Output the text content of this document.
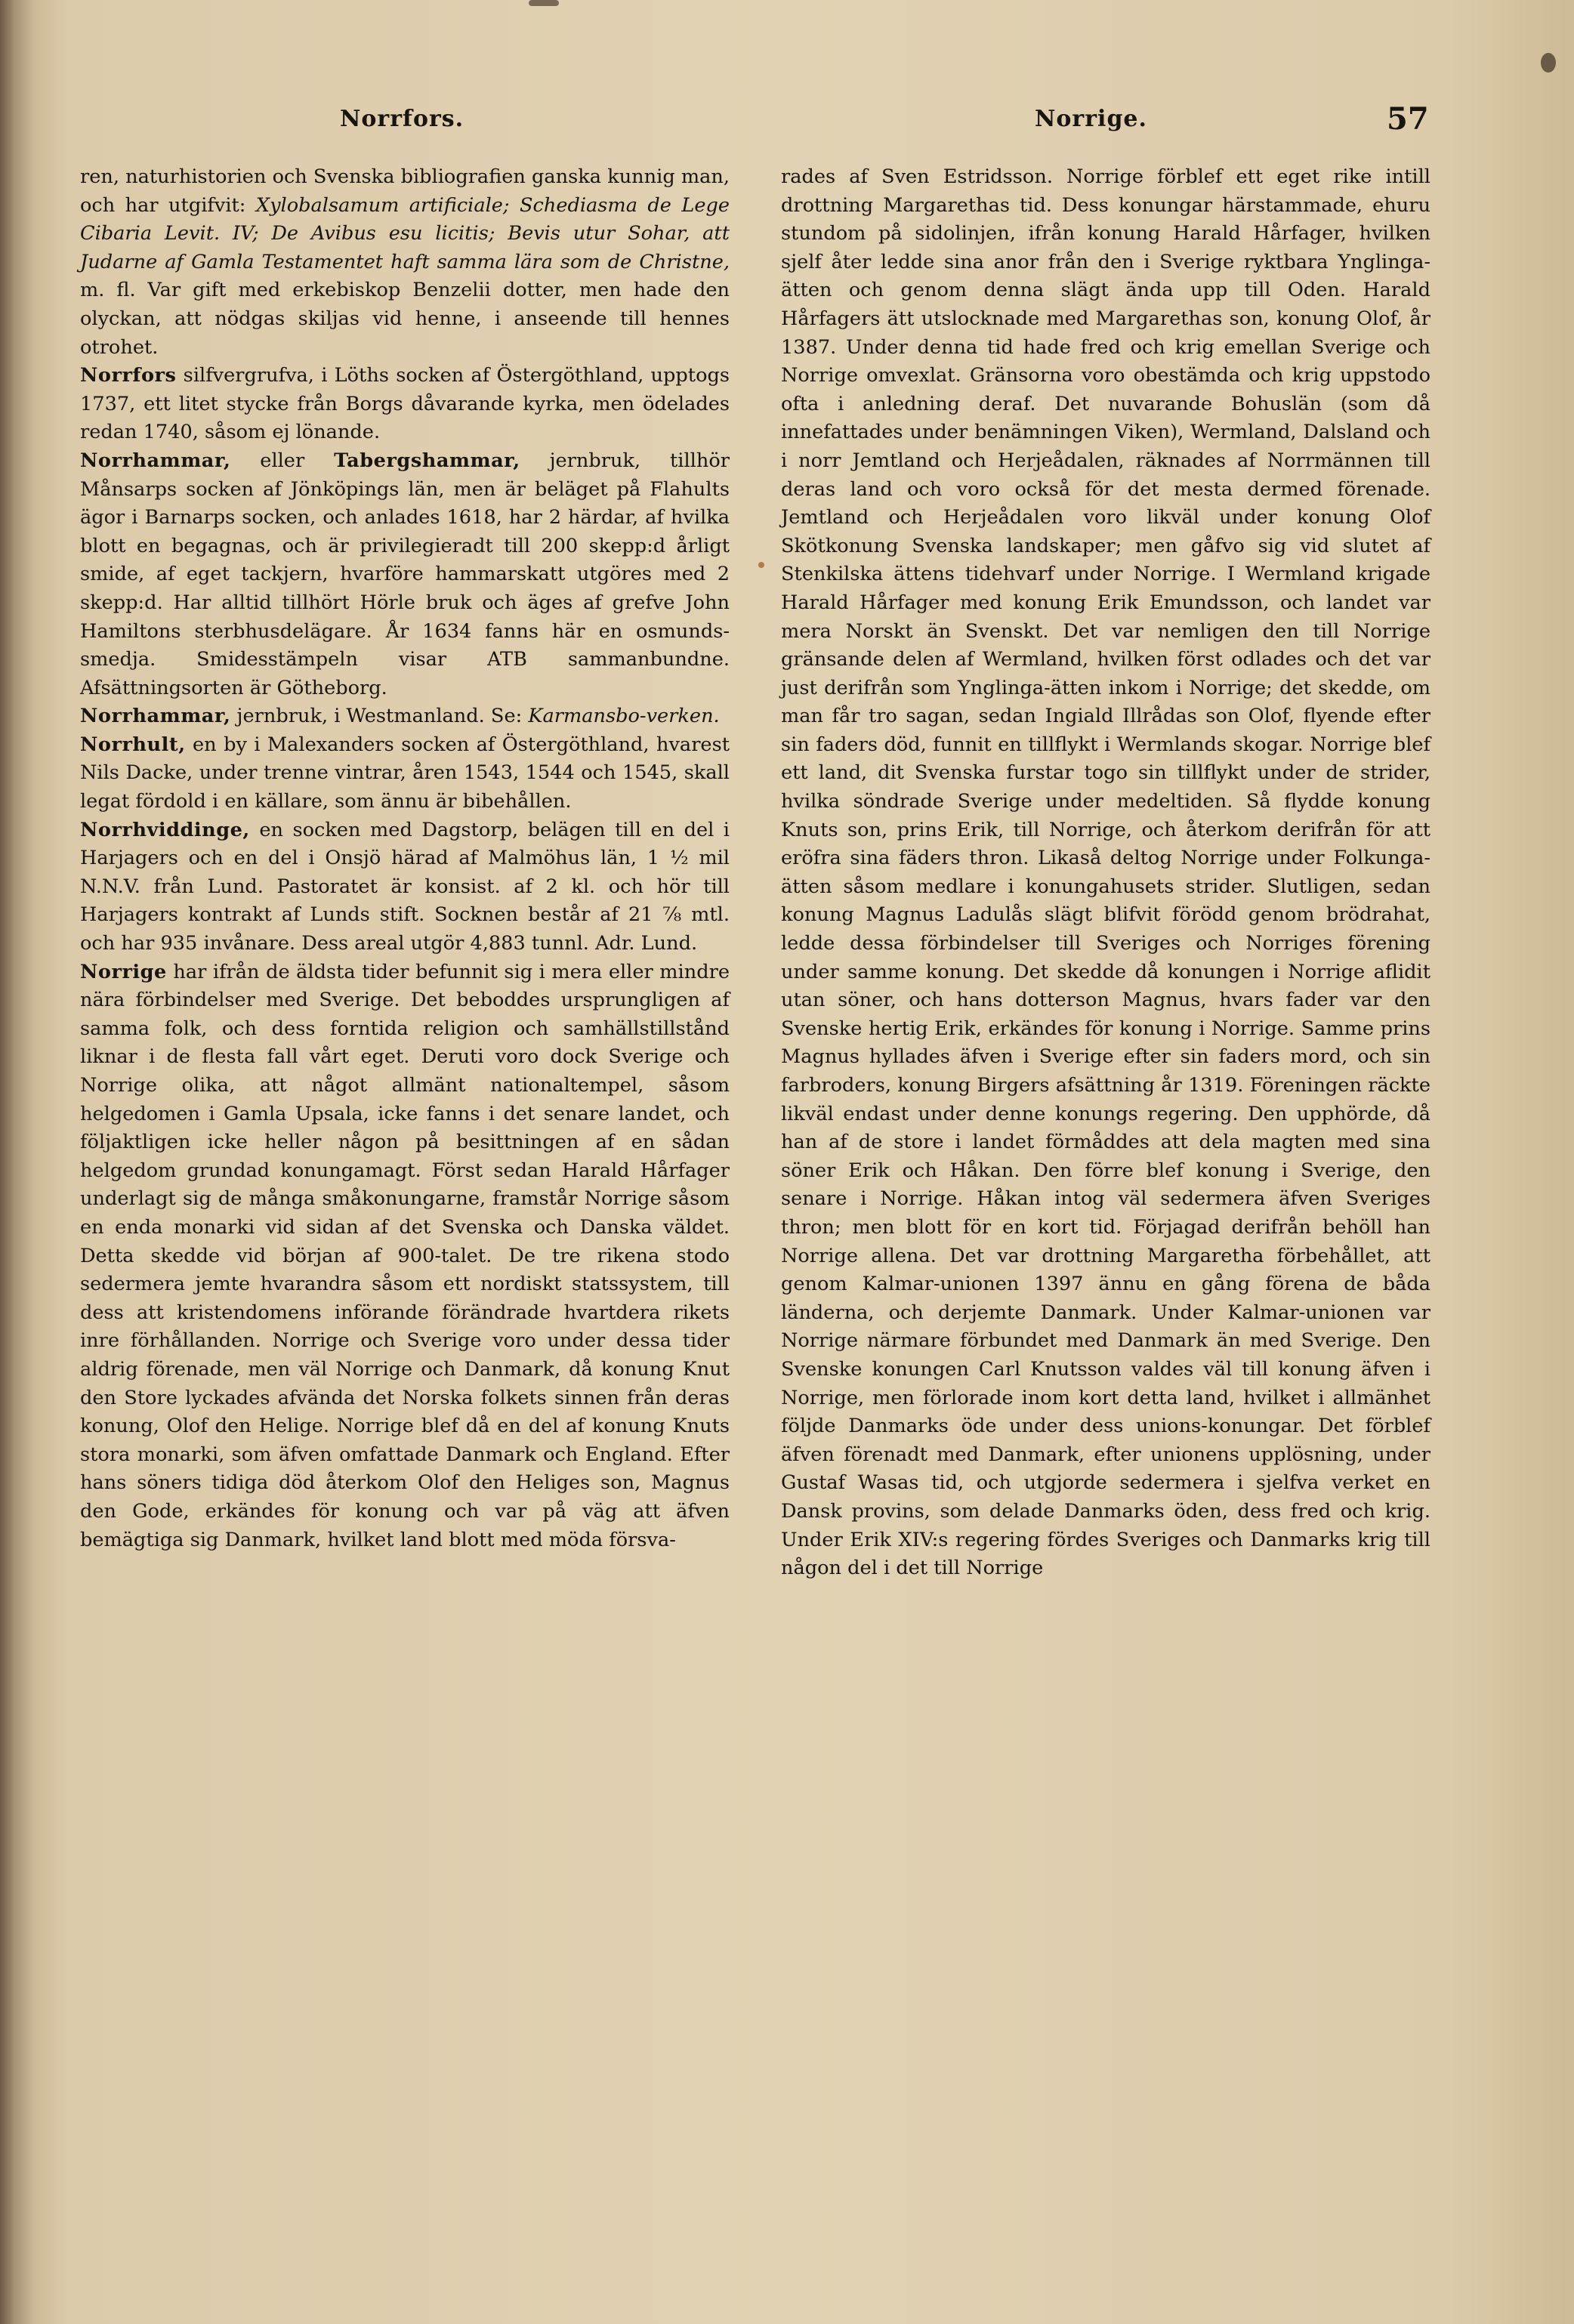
Norrfors.	Norrige.	57

ren, naturhistorien och Svenska bibliografien ganska kunnig man, och har utgifvit: Xylobalsamum artificiale; Schediasma de Lege Cibaria Levit. IV; De Avibus esu licitis; Bevis utur Sohar, att Judarne af Gamla Testamentet haft samma lära som de Christne, m. fl. Var gift med erkebiskop Benzelii dotter, men hade den olyckan, att nödgas skiljas vid henne, i anseende till hennes otrohet.

Norrfors silfvergrufva, i Löths socken af Östergöthland, upptogs 1737, ett litet stycke från Borgs dåvarande kyrka, men ödelades redan 1740, såsom ej lönande.

Norrhammar, eller Tabergshammar, jernbruk, tillhör Månsarps socken af Jönköpings län, men är beläget på Flahults ägor i Barnarps socken, och anlades 1618, har 2 härdar, af hvilka blott en begagnas, och är privilegieradt till 200 skepp:d årligt smide, af eget tackjern, hvarföre hammarskatt utgöres med 2 skepp:d. Har alltid tillhört Hörle bruk och äges af grefve John Hamiltons sterbhusdelägare. År 1634 fanns här en osmunds-smedja. Smidesstämpeln visar ATB sammanbundne. Afsättningsorten är Götheborg.

Norrhammar, jernbruk, i Westmanland. Se: Karmansbo-verken.

Norrhult, en by i Malexanders socken af Östergöthland, hvarest Nils Dacke, under trenne vintrar, åren 1543, 1544 och 1545, skall legat fördold i en källare, som ännu är bibehållen.

Norrhviddinge, en socken med Dagstorp, belägen till en del i Harjagers och en del i Onsjö härad af Malmöhus län, 1 ½ mil N.N.V. från Lund. Pastoratet är konsist. af 2 kl. och hör till Harjagers kontrakt af Lunds stift. Socknen består af 21 ⅞ mtl. och har 935 invånare. Dess areal utgör 4,883 tunnl. Adr. Lund.

Norrige har ifrån de äldsta tider befunnit sig i mera eller mindre nära förbindelser med Sverige. Det beboddes ursprungligen af samma folk, och dess forntida religion och samhällstillstånd liknar i de flesta fall vårt eget. Deruti voro dock Sverige och Norrige olika, att något allmänt nationaltempel, såsom helgedomen i Gamla Upsala, icke fanns i det senare landet, och följaktligen icke heller någon på besittningen af en sådan helgedom grundad konungamagt. Först sedan Harald Hårfager underlagt sig de många småkonungarne, framstår Norrige såsom en enda monarki vid sidan af det Svenska och Danska väldet. Detta skedde vid början af 900-talet. De tre rikena stodo sedermera jemte hvarandra såsom ett nordiskt statssystem, till dess att kristendomens införande förändrade hvartdera rikets inre förhållanden. Norrige och Sverige voro under dessa tider aldrig förenade, men väl Norrige och Danmark, då konung Knut den Store lyckades afvända det Norska folkets sinnen från deras konung, Olof den Helige. Norrige blef då en del af konung Knuts stora monarki, som äfven omfattade Danmark och England. Efter hans söners tidiga död återkom Olof den Heliges son, Magnus den Gode, erkändes för konung och var på väg att äfven bemägtiga sig Danmark, hvilket land blott med möda försva-

rades af Sven Estridsson. Norrige förblef ett eget rike intill drottning Margarethas tid. Dess konungar härstammade, ehuru stundom på sidolinjen, ifrån konung Harald Hårfager, hvilken sjelf åter ledde sina anor från den i Sverige ryktbara Ynglinga-ätten och genom denna slägt ända upp till Oden. Harald Hårfagers ätt utslocknade med Margarethas son, konung Olof, år 1387. Under denna tid hade fred och krig emellan Sverige och Norrige omvexlat. Gränsorna voro obestämda och krig uppstodo ofta i anledning deraf. Det nuvarande Bohuslän (som då innefattades under benämningen Viken), Wermland, Dalsland och i norr Jemtland och Herjeådalen, räknades af Norrmännen till deras land och voro också för det mesta dermed förenade. Jemtland och Herjeådalen voro likväl under konung Olof Skötkonung Svenska landskaper; men gåfvo sig vid slutet af Stenkilska ättens tidehvarf under Norrige. I Wermland krigade Harald Hårfager med konung Erik Emundsson, och landet var mera Norskt än Svenskt. Det var nemligen den till Norrige gränsande delen af Wermland, hvilken först odlades och det var just derifrån som Ynglinga-ätten inkom i Norrige; det skedde, om man får tro sagan, sedan Ingiald Illrådas son Olof, flyende efter sin faders död, funnit en tillflykt i Wermlands skogar. Norrige blef ett land, dit Svenska furstar togo sin tillflykt under de strider, hvilka söndrade Sverige under medeltiden. Så flydde konung Knuts son, prins Erik, till Norrige, och återkom derifrån för att eröfra sina fäders thron. Likaså deltog Norrige under Folkunga-ätten såsom medlare i konungahusets strider. Slutligen, sedan konung Magnus Ladulås slägt blifvit förödd genom brödrahat, ledde dessa förbindelser till Sveriges och Norriges förening under samme konung. Det skedde då konungen i Norrige aflidit utan söner, och hans dotterson Magnus, hvars fader var den Svenske hertig Erik, erkändes för konung i Norrige. Samme prins Magnus hyllades äfven i Sverige efter sin faders mord, och sin farbroders, konung Birgers afsättning år 1319. Föreningen räckte likväl endast under denne konungs regering. Den upphörde, då han af de store i landet förmåddes att dela magten med sina söner Erik och Håkan. Den förre blef konung i Sverige, den senare i Norrige. Håkan intog väl sedermera äfven Sveriges thron; men blott för en kort tid. Förjagad derifrån behöll han Norrige allena. Det var drottning Margaretha förbehållet, att genom Kalmar-unionen 1397 ännu en gång förena de båda länderna, och derjemte Danmark. Under Kalmar-unionen var Norrige närmare förbundet med Danmark än med Sverige. Den Svenske konungen Carl Knutsson valdes väl till konung äfven i Norrige, men förlorade inom kort detta land, hvilket i allmänhet följde Danmarks öde under dess unions-konungar. Det förblef äfven förenadt med Danmark, efter unionens upplösning, under Gustaf Wasas tid, och utgjorde sedermera i sjelfva verket en Dansk provins, som delade Danmarks öden, dess fred och krig. Under Erik XIV:s regering fördes Sveriges och Danmarks krig till någon del i det till Norrige
